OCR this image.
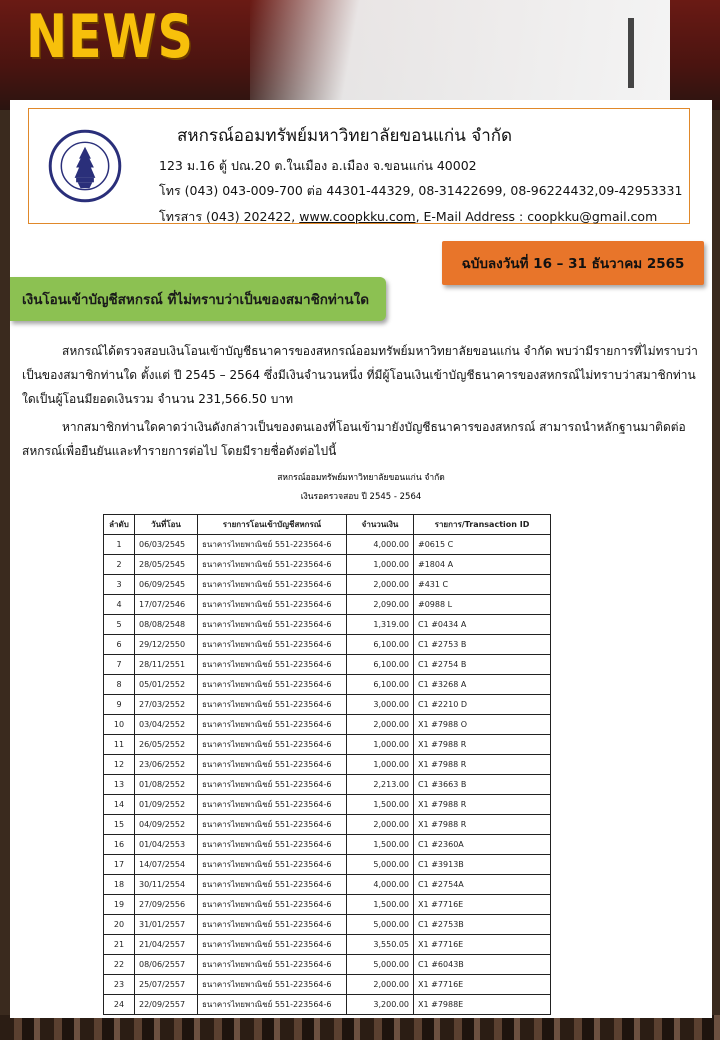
NEWS
สหกรณ์ออมทรัพย์มหาวิทยาลัยขอนแก่น จำกัด
123 ม.16 ตู้ ปณ.20 ต.ในเมือง อ.เมือง จ.ขอนแก่น 40002
โทร (043) 043-009-700 ต่อ 44301-44329, 08-31422699, 08-96224432,09-42953331
โทรสาร (043) 202422, www.coopkku.com, E-Mail Address : coopkku@gmail.com
ฉบับลงวันที่ 16 – 31 ธันวาคม 2565
เงินโอนเข้าบัญชีสหกรณ์ ที่ไม่ทราบว่าเป็นของสมาชิกท่านใด
สหกรณ์ได้ตรวจสอบเงินโอนเข้าบัญชีธนาคารของสหกรณ์ออมทรัพย์มหาวิทยาลัยขอนแก่น จำกัด พบว่ามีรายการที่ไม่ทราบว่าเป็นของสมาชิกท่านใด ตั้งแต่ ปี 2545 – 2564 ซึ่งมีเงินจำนวนหนึ่ง ที่มีผู้โอนเงินเข้าบัญชีธนาคารของสหกรณ์ไม่ทราบว่าสมาชิกท่านใดเป็นผู้โอนมียอดเงินรวม จำนวน 231,566.50 บาท
หากสมาชิกท่านใดคาดว่าเงินดังกล่าวเป็นของตนเองที่โอนเข้ามายังบัญชีธนาคารของสหกรณ์ สามารถนำหลักฐานมาติดต่อสหกรณ์เพื่อยืนยันและทำรายการต่อไป โดยมีรายชื่อดังต่อไปนี้
สหกรณ์ออมทรัพย์มหาวิทยาลัยขอนแก่น จำกัด
เงินรอตรวจสอบ ปี 2545 - 2564
ลำดับ	วันที่โอน	รายการโอนเข้าบัญชีสหกรณ์	จำนวนเงิน	รายการ/Transaction ID
1	06/03/2545	ธนาคารไทยพาณิชย์ 551-223564-6	4,000.00	#0615 C
2	28/05/2545	ธนาคารไทยพาณิชย์ 551-223564-6	1,000.00	#1804 A
3	06/09/2545	ธนาคารไทยพาณิชย์ 551-223564-6	2,000.00	#431 C
4	17/07/2546	ธนาคารไทยพาณิชย์ 551-223564-6	2,090.00	#0988 L
5	08/08/2548	ธนาคารไทยพาณิชย์ 551-223564-6	1,319.00	C1 #0434 A
6	29/12/2550	ธนาคารไทยพาณิชย์ 551-223564-6	6,100.00	C1 #2753 B
7	28/11/2551	ธนาคารไทยพาณิชย์ 551-223564-6	6,100.00	C1 #2754 B
8	05/01/2552	ธนาคารไทยพาณิชย์ 551-223564-6	6,100.00	C1 #3268 A
9	27/03/2552	ธนาคารไทยพาณิชย์ 551-223564-6	3,000.00	C1 #2210 D
10	03/04/2552	ธนาคารไทยพาณิชย์ 551-223564-6	2,000.00	X1 #7988 O
11	26/05/2552	ธนาคารไทยพาณิชย์ 551-223564-6	1,000.00	X1 #7988 R
12	23/06/2552	ธนาคารไทยพาณิชย์ 551-223564-6	1,000.00	X1 #7988 R
13	01/08/2552	ธนาคารไทยพาณิชย์ 551-223564-6	2,213.00	C1 #3663 B
14	01/09/2552	ธนาคารไทยพาณิชย์ 551-223564-6	1,500.00	X1 #7988 R
15	04/09/2552	ธนาคารไทยพาณิชย์ 551-223564-6	2,000.00	X1 #7988 R
16	01/04/2553	ธนาคารไทยพาณิชย์ 551-223564-6	1,500.00	C1 #2360A
17	14/07/2554	ธนาคารไทยพาณิชย์ 551-223564-6	5,000.00	C1 #3913B
18	30/11/2554	ธนาคารไทยพาณิชย์ 551-223564-6	4,000.00	C1 #2754A
19	27/09/2556	ธนาคารไทยพาณิชย์ 551-223564-6	1,500.00	X1 #7716E
20	31/01/2557	ธนาคารไทยพาณิชย์ 551-223564-6	5,000.00	C1 #2753B
21	21/04/2557	ธนาคารไทยพาณิชย์ 551-223564-6	3,550.05	X1 #7716E
22	08/06/2557	ธนาคารไทยพาณิชย์ 551-223564-6	5,000.00	C1 #6043B
23	25/07/2557	ธนาคารไทยพาณิชย์ 551-223564-6	2,000.00	X1 #7716E
24	22/09/2557	ธนาคารไทยพาณิชย์ 551-223564-6	3,200.00	X1 #7988E
